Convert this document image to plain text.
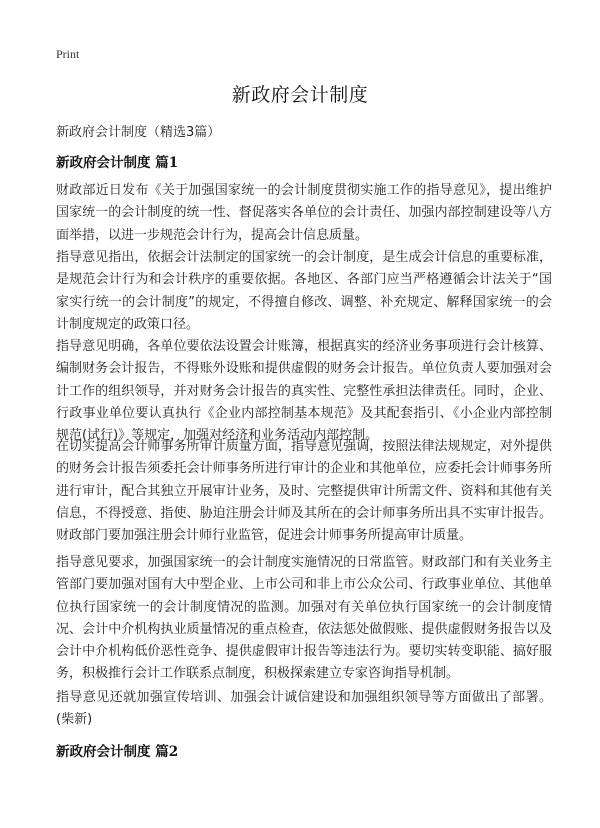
Print
新政府会计制度

新政府会计制度（精选3篇）

新政府会计制度 篇1

财政部近日发布《关于加强国家统一的会计制度贯彻实施工作的指导意见》，提出维护国家统一的会计制度的统一性、督促落实各单位的会计责任、加强内部控制建设等八方面举措，以进一步规范会计行为，提高会计信息质量。

指导意见指出，依据会计法制定的国家统一的会计制度，是生成会计信息的重要标准，是规范会计行为和会计秩序的重要依据。各地区、各部门应当严格遵循会计法关于“国家实行统一的会计制度”的规定，不得擅自修改、调整、补充规定、解释国家统一的会计制度规定的政策口径。

指导意见明确，各单位要依法设置会计账簿，根据真实的经济业务事项进行会计核算、编制财务会计报告，不得账外设账和提供虚假的财务会计报告。单位负责人要加强对会计工作的组织领导，并对财务会计报告的真实性、完整性承担法律责任。同时，企业、行政事业单位要认真执行《企业内部控制基本规范》及其配套指引、《小企业内部控制规范(试行)》等规定，加强对经济和业务活动内部控制。

在切实提高会计师事务所审计质量方面，指导意见强调，按照法律法规规定，对外提供的财务会计报告须委托会计师事务所进行审计的企业和其他单位，应委托会计师事务所进行审计，配合其独立开展审计业务，及时、完整提供审计所需文件、资料和其他有关信息，不得授意、指使、胁迫注册会计师及其所在的会计师事务所出具不实审计报告。财政部门要加强注册会计师行业监管，促进会计师事务所提高审计质量。

指导意见要求，加强国家统一的会计制度实施情况的日常监管。财政部门和有关业务主管部门要加强对国有大中型企业、上市公司和非上市公众公司、行政事业单位、其他单位执行国家统一的会计制度情况的监测。加强对有关单位执行国家统一的会计制度情况、会计中介机构执业质量情况的重点检查，依法惩处做假账、提供虚假财务报告以及会计中介机构低价恶性竞争、提供虚假审计报告等违法行为。要切实转变职能、搞好服务，积极推行会计工作联系点制度，积极探索建立专家咨询指导机制。

指导意见还就加强宣传培训、加强会计诚信建设和加强组织领导等方面做出了部署。(柴新)

新政府会计制度 篇2
